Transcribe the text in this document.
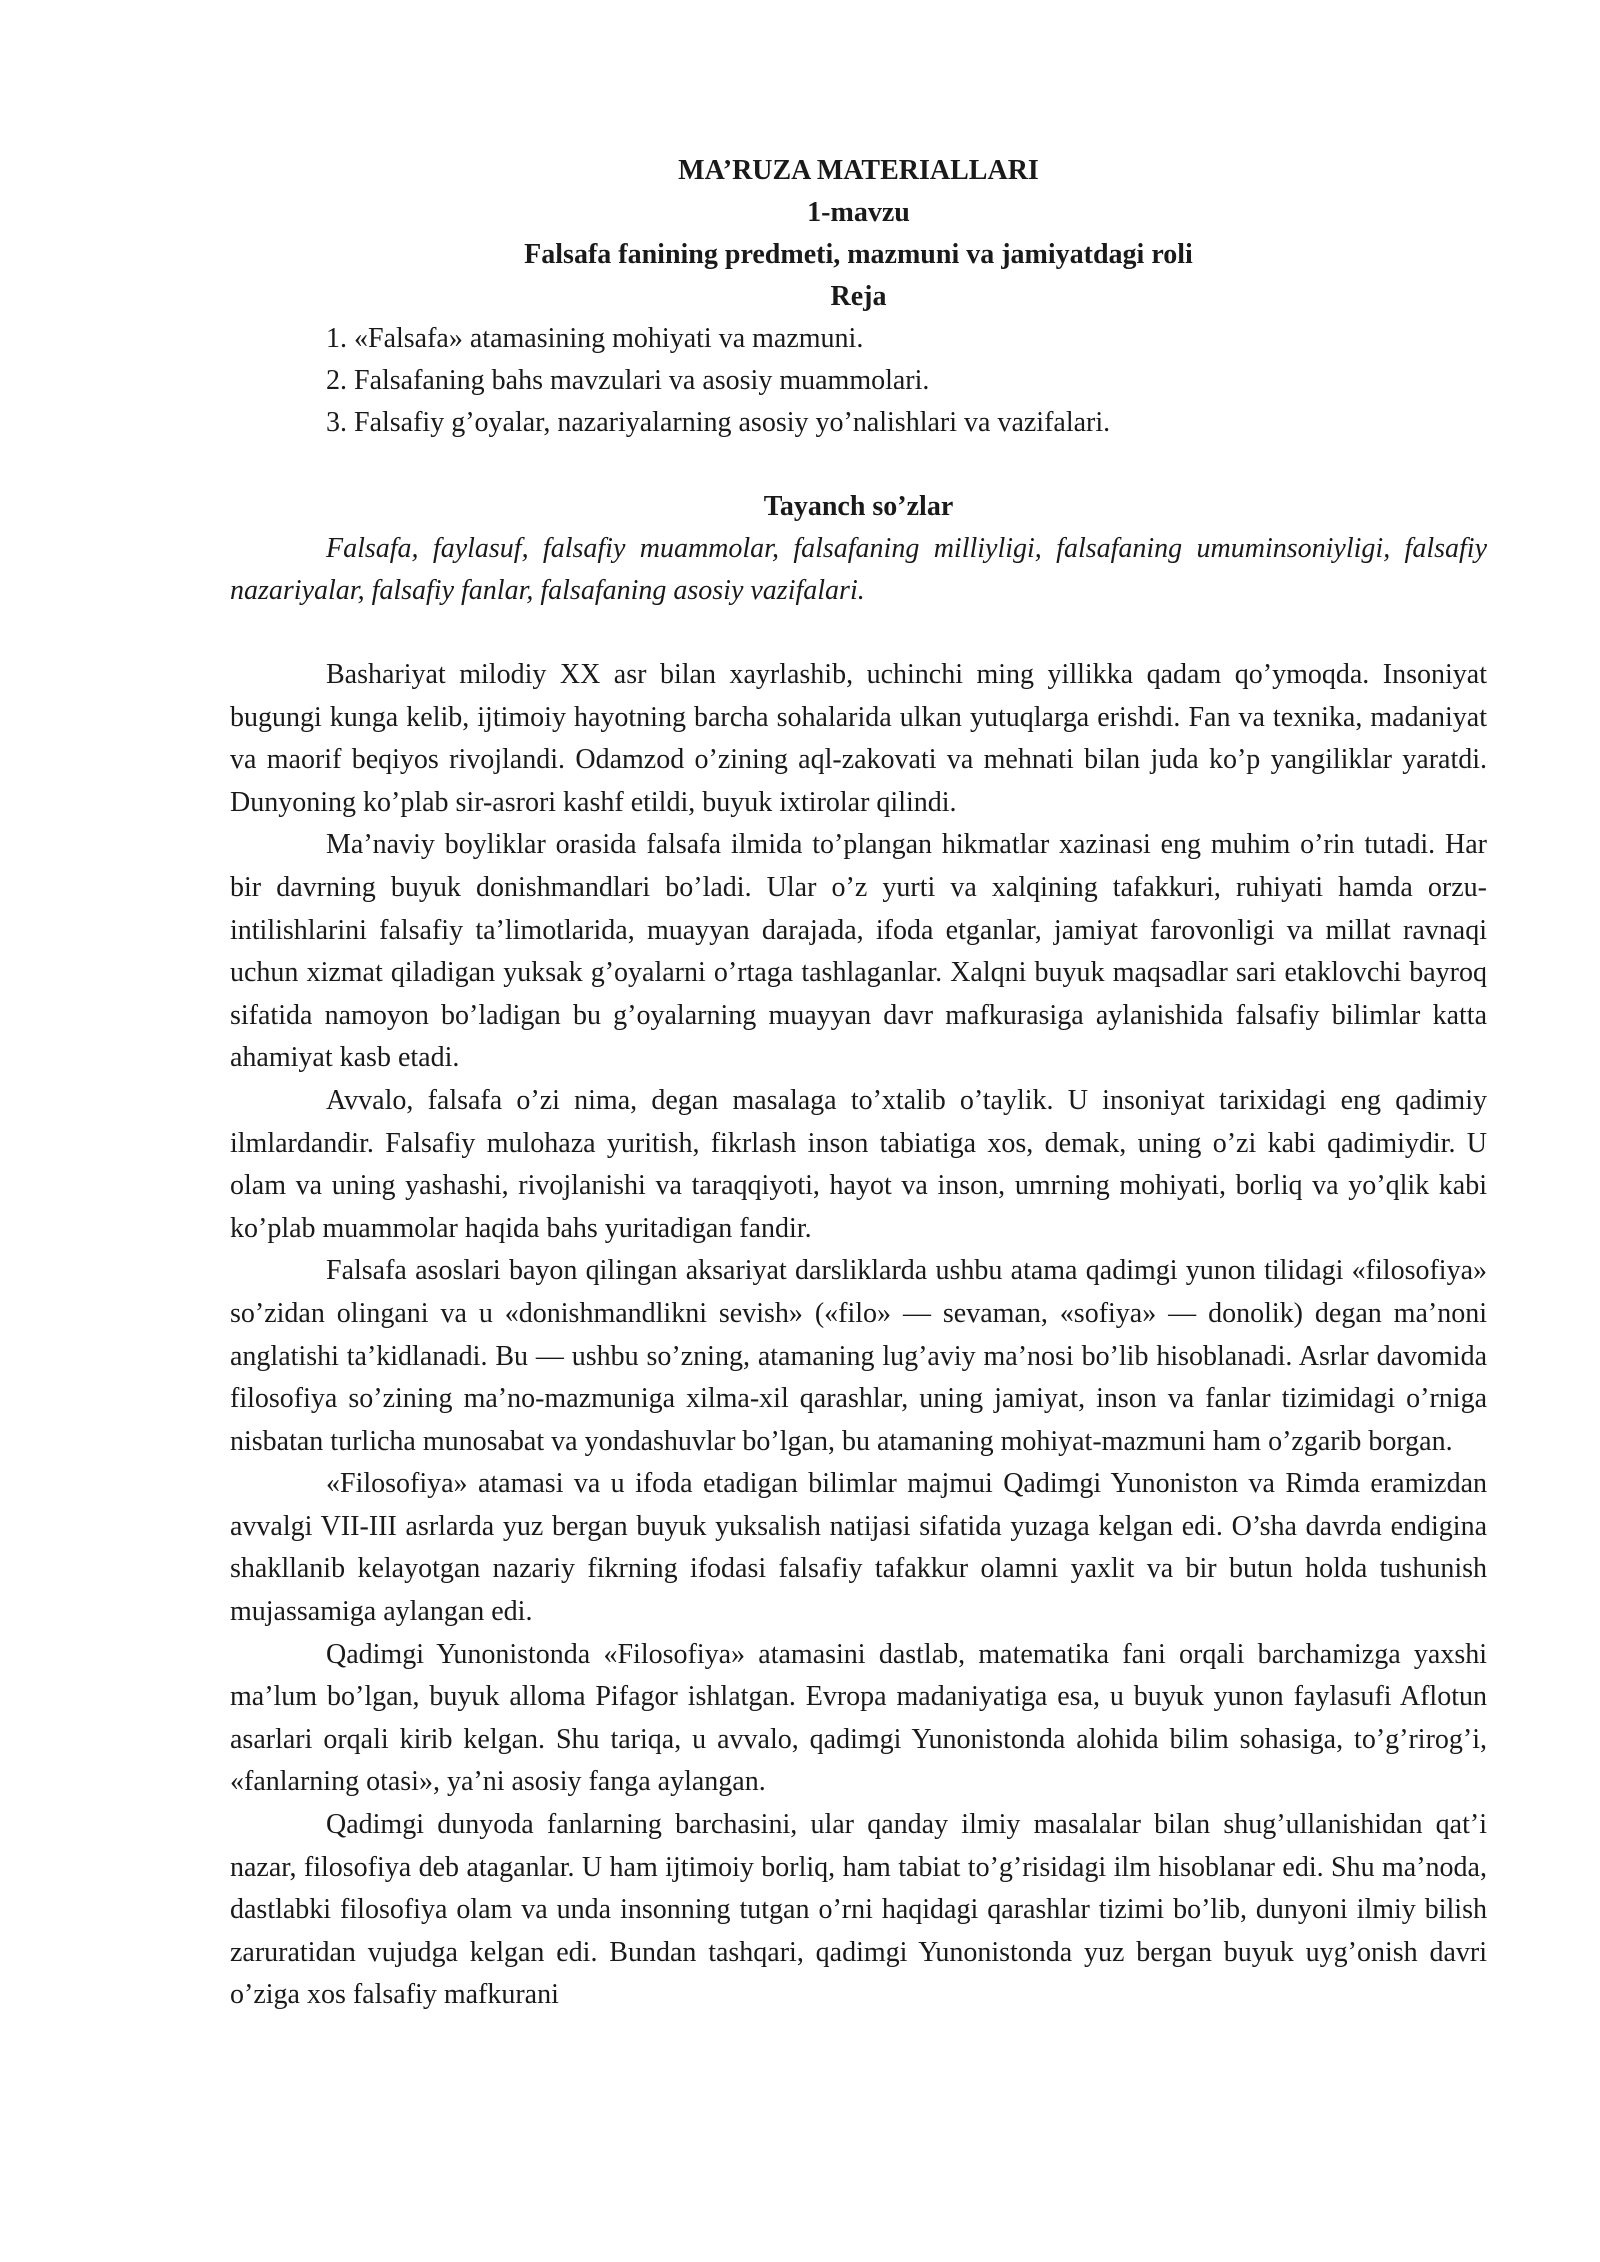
MA’RUZA MATERIALLARI
1-mavzu
Falsafa fanining predmeti, mazmuni va jamiyatdagi roli
Reja
1. «Falsafa» atamasining mohiyati va mazmuni.
2. Falsafaning bahs mavzulari va asosiy muammolari.
3. Falsafiy g’oyalar, nazariyalarning asosiy yo’nalishlari va vazifalari.
Tayanch so’zlar
Falsafa, faylasuf, falsafiy muammolar, falsafaning milliyligi, falsafaning umuminsoniyligi, falsafiy nazariyalar, falsafiy fanlar, falsafaning asosiy vazifalari.

Bashariyat milodiy XX asr bilan xayrlashib, uchinchi ming yillikka qadam qo’ymoqda. Insoniyat bugungi kunga kelib, ijtimoiy hayotning barcha sohalarida ulkan yutuqlarga erishdi. Fan va texnika, madaniyat va maorif beqiyos rivojlandi. Odamzod o’zining aql-zakovati va mehnati bilan juda ko’p yangiliklar yaratdi. Dunyoning ko’plab sir-asrori kashf etildi, buyuk ixtirolar qilindi.

Ma’naviy boyliklar orasida falsafa ilmida to’plangan hikmatlar xazinasi eng muhim o’rin tutadi. Har bir davrning buyuk donishmandlari bo’ladi. Ular o’z yurti va xalqining tafakkuri, ruhiyati hamda orzu-intilishlarini falsafiy ta’limotlarida, muayyan darajada, ifoda etganlar, jamiyat farovonligi va millat ravnaqi uchun xizmat qiladigan yuksak g’oyalarni o’rtaga tashlaganlar. Xalqni buyuk maqsadlar sari etaklovchi bayroq sifatida namoyon bo’ladigan bu g’oyalarning muayyan davr mafkurasiga aylanishida falsafiy bilimlar katta ahamiyat kasb etadi.

Avvalo, falsafa o’zi nima, degan masalaga to’xtalib o’taylik. U insoniyat tarixidagi eng qadimiy ilmlardandir. Falsafiy mulohaza yuritish, fikrlash inson tabiatiga xos, demak, uning o’zi kabi qadimiydir. U olam va uning yashashi, rivojlanishi va taraqqiyoti, hayot va inson, umrning mohiyati, borliq va yo’qlik kabi ko’plab muammolar haqida bahs yuritadigan fandir.

Falsafa asoslari bayon qilingan aksariyat darsliklarda ushbu atama qadimgi yunon tilidagi «filosofiya» so’zidan olingani va u «donishmandlikni sevish» («filo» — sevaman, «sofiya» — donolik) degan ma’noni anglatishi ta’kidlanadi. Bu — ushbu so’zning, atamaning lug’aviy ma’nosi bo’lib hisoblanadi. Asrlar davomida filosofiya so’zining ma’no-mazmuniga xilma-xil qarashlar, uning jamiyat, inson va fanlar tizimidagi o’rniga nisbatan turlicha munosabat va yondashuvlar bo’lgan, bu atamaning mohiyat-mazmuni ham o’zgarib borgan.

«Filosofiya» atamasi va u ifoda etadigan bilimlar majmui Qadimgi Yunoniston va Rimda eramizdan avvalgi VII-III asrlarda yuz bergan buyuk yuksalish natijasi sifatida yuzaga kelgan edi. O’sha davrda endigina shakllanib kelayotgan nazariy fikrning ifodasi falsafiy tafakkur olamni yaxlit va bir butun holda tushunish mujassamiga aylangan edi.

Qadimgi Yunonistonda «Filosofiya» atamasini dastlab, matematika fani orqali barchamizga yaxshi ma’lum bo’lgan, buyuk alloma Pifagor ishlatgan. Evropa madaniyatiga esa, u buyuk yunon faylasufi Aflotun asarlari orqali kirib kelgan. Shu tariqa, u avvalo, qadimgi Yunonistonda alohida bilim sohasiga, to’g’rirog’i, «fanlarning otasi», ya’ni asosiy fanga aylangan.

Qadimgi dunyoda fanlarning barchasini, ular qanday ilmiy masalalar bilan shug’ullanishidan qat’i nazar, filosofiya deb ataganlar. U ham ijtimoiy borliq, ham tabiat to’g’risidagi ilm hisoblanar edi. Shu ma’noda, dastlabki filosofiya olam va unda insonning tutgan o’rni haqidagi qarashlar tizimi bo’lib, dunyoni ilmiy bilish zaruratidan vujudga kelgan edi. Bundan tashqari, qadimgi Yunonistonda yuz bergan buyuk uyg’onish davri o’ziga xos falsafiy mafkurani
